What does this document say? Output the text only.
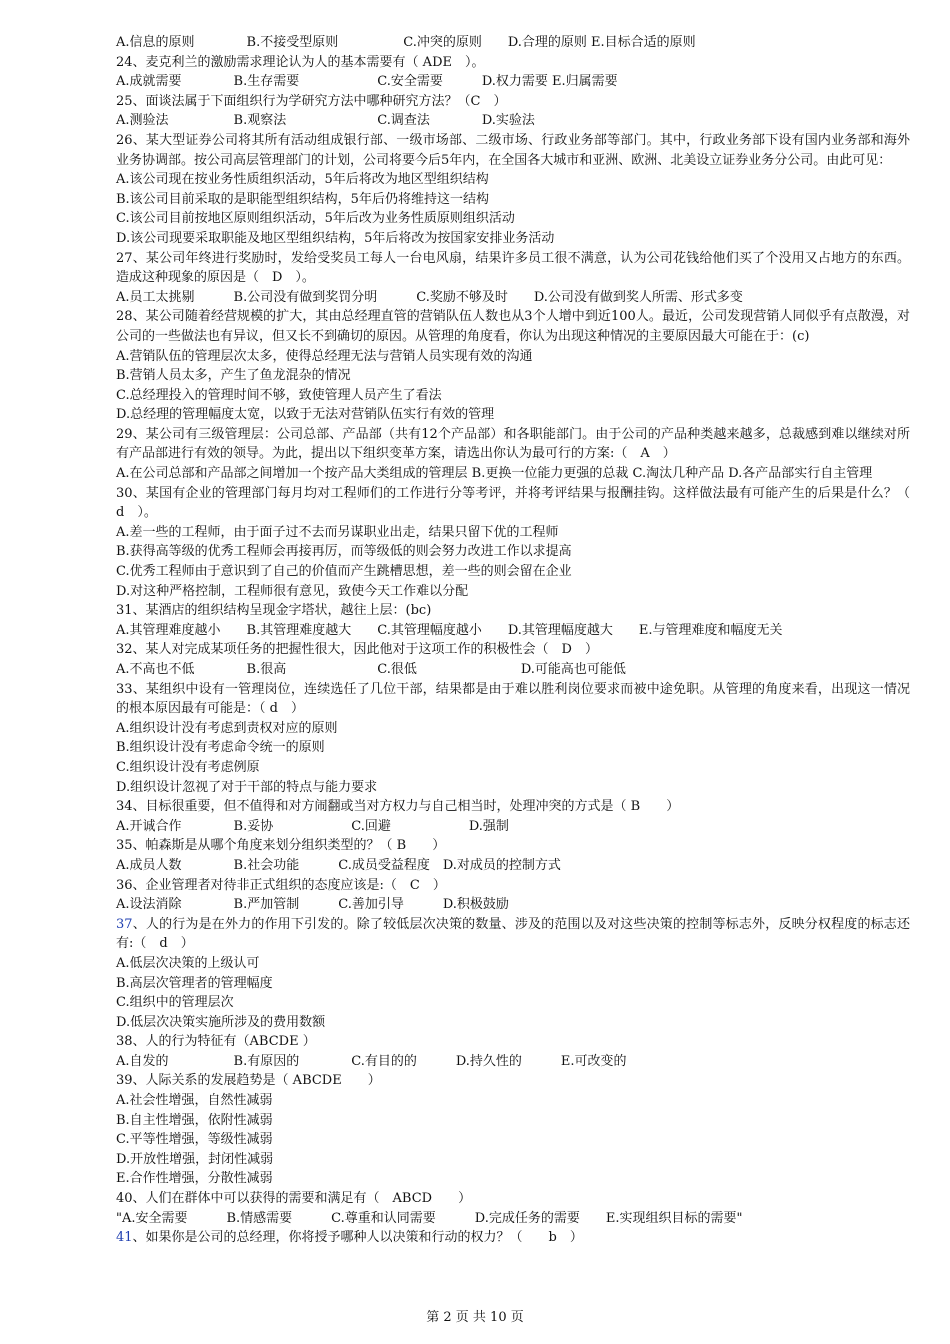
A.信息的原则　　　　B.不接受型原则　　　　　C.冲突的原则　　D.合理的原则 E.目标合适的原则
24、麦克利兰的激励需求理论认为人的基本需要有（ ADE　）。
A.成就需要　　　　B.生存需要　　　　　　C.安全需要　　　D.权力需要 E.归属需要
25、面谈法属于下面组织行为学研究方法中哪种研究方法？（C　）
A.测验法　　　　　B.观察法　　　　　　　C.调查法　　　　D.实验法
26、某大型证券公司将其所有活动组成银行部、一级市场部、二级市场、行政业务部等部门。其中，行政业务部下设有国内业务部和海外业务协调部。按公司高层管理部门的计划，公司将要今后5年内，在全国各大城市和亚洲、欧洲、北美设立证券业务分公司。由此可见：
A.该公司现在按业务性质组织活动，5年后将改为地区型组织结构
B.该公司目前采取的是职能型组织结构，5年后仍将维持这一结构
C.该公司目前按地区原则组织活动，5年后改为业务性质原则组织活动
D.该公司现要采取职能及地区型组织结构，5年后将改为按国家安排业务活动
27、某公司年终进行奖励时，发给受奖员工每人一台电风扇，结果许多员工很不满意，认为公司花钱给他们买了个没用又占地方的东西。造成这种现象的原因是（　D　）。
A.员工太挑剔　　　B.公司没有做到奖罚分明　　　C.奖励不够及时　　D.公司没有做到奖人所需、形式多变
28、某公司随着经营规模的扩大，其由总经理直管的营销队伍人数也从3个人增中到近100人。最近，公司发现营销人同似乎有点散漫，对公司的一些做法也有异议，但又长不到确切的原因。从管理的角度看，你认为出现这种情况的主要原因最大可能在于：(c)
A.营销队伍的管理层次太多，使得总经理无法与营销人员实现有效的沟通
B.营销人员太多，产生了鱼龙混杂的情况
C.总经理投入的管理时间不够，致使管理人员产生了看法
D.总经理的管理幅度太宽，以致于无法对营销队伍实行有效的管理
29、某公司有三级管理层：公司总部、产品部（共有12个产品部）和各职能部门。由于公司的产品种类越来越多，总裁感到难以继续对所有产品部进行有效的领导。为此，提出以下组织变革方案，请选出你认为最可行的方案:（　A　）
A.在公司总部和产品部之间增加一个按产品大类组成的管理层 B.更换一位能力更强的总裁 C.淘汰几种产品 D.各产品部实行自主管理
30、某国有企业的管理部门每月均对工程师们的工作进行分等考评，并将考评结果与报酬挂钩。这样做法最有可能产生的后果是什么？（　d　）。
A.差一些的工程师，由于面子过不去而另谋职业出走，结果只留下优的工程师
B.获得高等级的优秀工程师会再接再厉，而等级低的则会努力改进工作以求提高
C.优秀工程师由于意识到了自己的价值而产生跳槽思想，差一些的则会留在企业
D.对这种严格控制，工程师很有意见，致使今天工作难以分配
31、某酒店的组织结构呈现金字塔状，越往上层：(bc)
A.其管理难度越小　　B.其管理难度越大　　C.其管理幅度越小　　D.其管理幅度越大　　E.与管理难度和幅度无关
32、某人对完成某项任务的把握性很大，因此他对于这项工作的积极性会（　D　）
A.不高也不低　　　　B.很高　　　　　　　C.很低　　　　　　　　D.可能高也可能低
33、某组织中设有一管理岗位，连续选任了几位干部，结果都是由于难以胜利岗位要求而被中途免职。从管理的角度来看，出现这一情况的根本原因最有可能是：（ d　）
A.组织设计没有考虑到责权对应的原则
B.组织设计没有考虑命令统一的原则
C.组织设计没有考虑例原
D.组织设计忽视了对于干部的特点与能力要求
34、目标很重要，但不值得和对方闹翻或当对方权力与自己相当时，处理冲突的方式是（ B　　）
A.开诚合作　　　　B.妥协　　　　　　C.回避　　　　　　D.强制
35、帕森斯是从哪个角度来划分组织类型的？（ B　　）
A.成员人数　　　　B.社会功能　　　C.成员受益程度　D.对成员的控制方式
36、企业管理者对待非正式组织的态度应该是:（　C　）
A.设法消除　　　　B.严加管制　　　C.善加引导　　　D.积极鼓励
37、人的行为是在外力的作用下引发的。除了较低层次决策的数量、涉及的范围以及对这些决策的控制等标志外，反映分权程度的标志还有:（　d　）
A.低层次决策的上级认可
B.高层次管理者的管理幅度
C.组织中的管理层次
D.低层次决策实施所涉及的费用数额
38、人的行为特征有（ABCDE ）
A.自发的　　　　　B.有原因的　　　　C.有目的的　　　D.持久性的　　　E.可改变的
39、人际关系的发展趋势是（ ABCDE　　）
A.社会性增强，自然性减弱
B.自主性增强，依附性减弱
C.平等性增强，等级性减弱
D.开放性增强，封闭性减弱
E.合作性增强，分散性减弱
40、人们在群体中可以获得的需要和满足有（　ABCD　　）
"A.安全需要　　　B.情感需要　　　C.尊重和认同需要　　　D.完成任务的需要　　E.实现组织目标的需要"
41、如果你是公司的总经理，你将授予哪种人以决策和行动的权力？（　　b　）
第 2 页 共 10 页
